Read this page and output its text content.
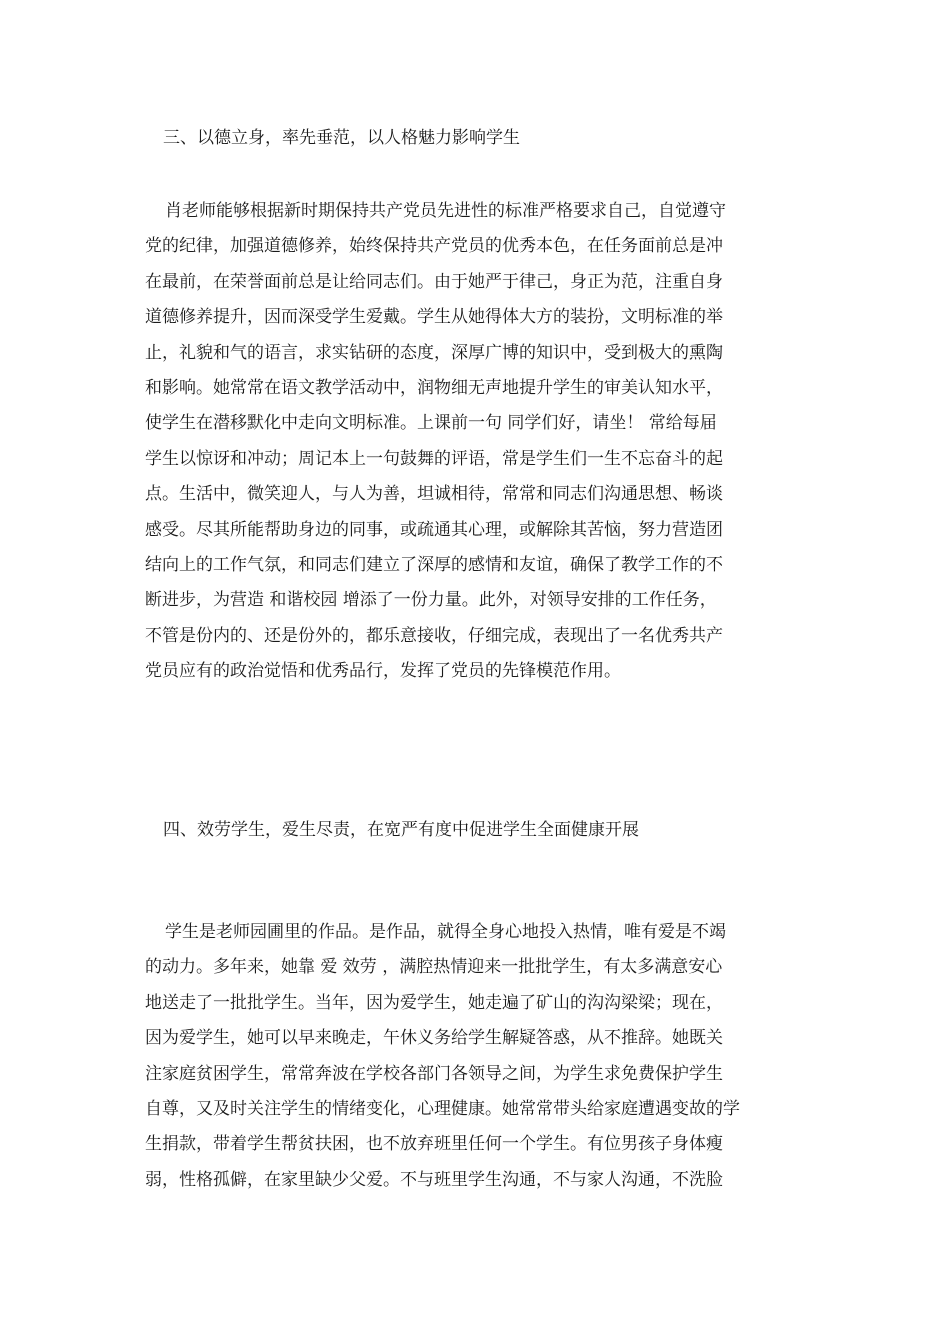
三、以德立身，率先垂范，以人格魅力影响学生
肖老师能够根据新时期保持共产党员先进性的标准严格要求自己，自觉遵守
党的纪律，加强道德修养，始终保持共产党员的优秀本色，在任务面前总是冲
在最前，在荣誉面前总是让给同志们。由于她严于律己，身正为范，注重自身
道德修养提升，因而深受学生爱戴。学生从她得体大方的装扮，文明标准的举
止，礼貌和气的语言，求实钻研的态度，深厚广博的知识中，受到极大的熏陶
和影响。她常常在语文教学活动中，润物细无声地提升学生的审美认知水平，
使学生在潜移默化中走向文明标准。上课前一句 同学们好，请坐！ 常给每届
学生以惊讶和冲动；周记本上一句鼓舞的评语，常是学生们一生不忘奋斗的起
点。生活中，微笑迎人，与人为善，坦诚相待，常常和同志们沟通思想、畅谈
感受。尽其所能帮助身边的同事，或疏通其心理，或解除其苦恼，努力营造团
结向上的工作气氛，和同志们建立了深厚的感情和友谊，确保了教学工作的不
断进步，为营造 和谐校园 增添了一份力量。此外，对领导安排的工作任务，
不管是份内的、还是份外的，都乐意接收，仔细完成，表现出了一名优秀共产
党员应有的政治觉悟和优秀品行，发挥了党员的先锋模范作用。
四、效劳学生，爱生尽责，在宽严有度中促进学生全面健康开展
学生是老师园圃里的作品。是作品，就得全身心地投入热情，唯有爱是不竭
的动力。多年来，她靠 爱 效劳 ，满腔热情迎来一批批学生，有太多满意安心
地送走了一批批学生。当年，因为爱学生，她走遍了矿山的沟沟梁梁；现在，
因为爱学生，她可以早来晚走，午休义务给学生解疑答惑，从不推辞。她既关
注家庭贫困学生，常常奔波在学校各部门各领导之间，为学生求免费保护学生
自尊，又及时关注学生的情绪变化，心理健康。她常常带头给家庭遭遇变故的学
生捐款，带着学生帮贫扶困，也不放弃班里任何一个学生。有位男孩子身体瘦
弱，性格孤僻，在家里缺少父爱。不与班里学生沟通，不与家人沟通，不洗脸
